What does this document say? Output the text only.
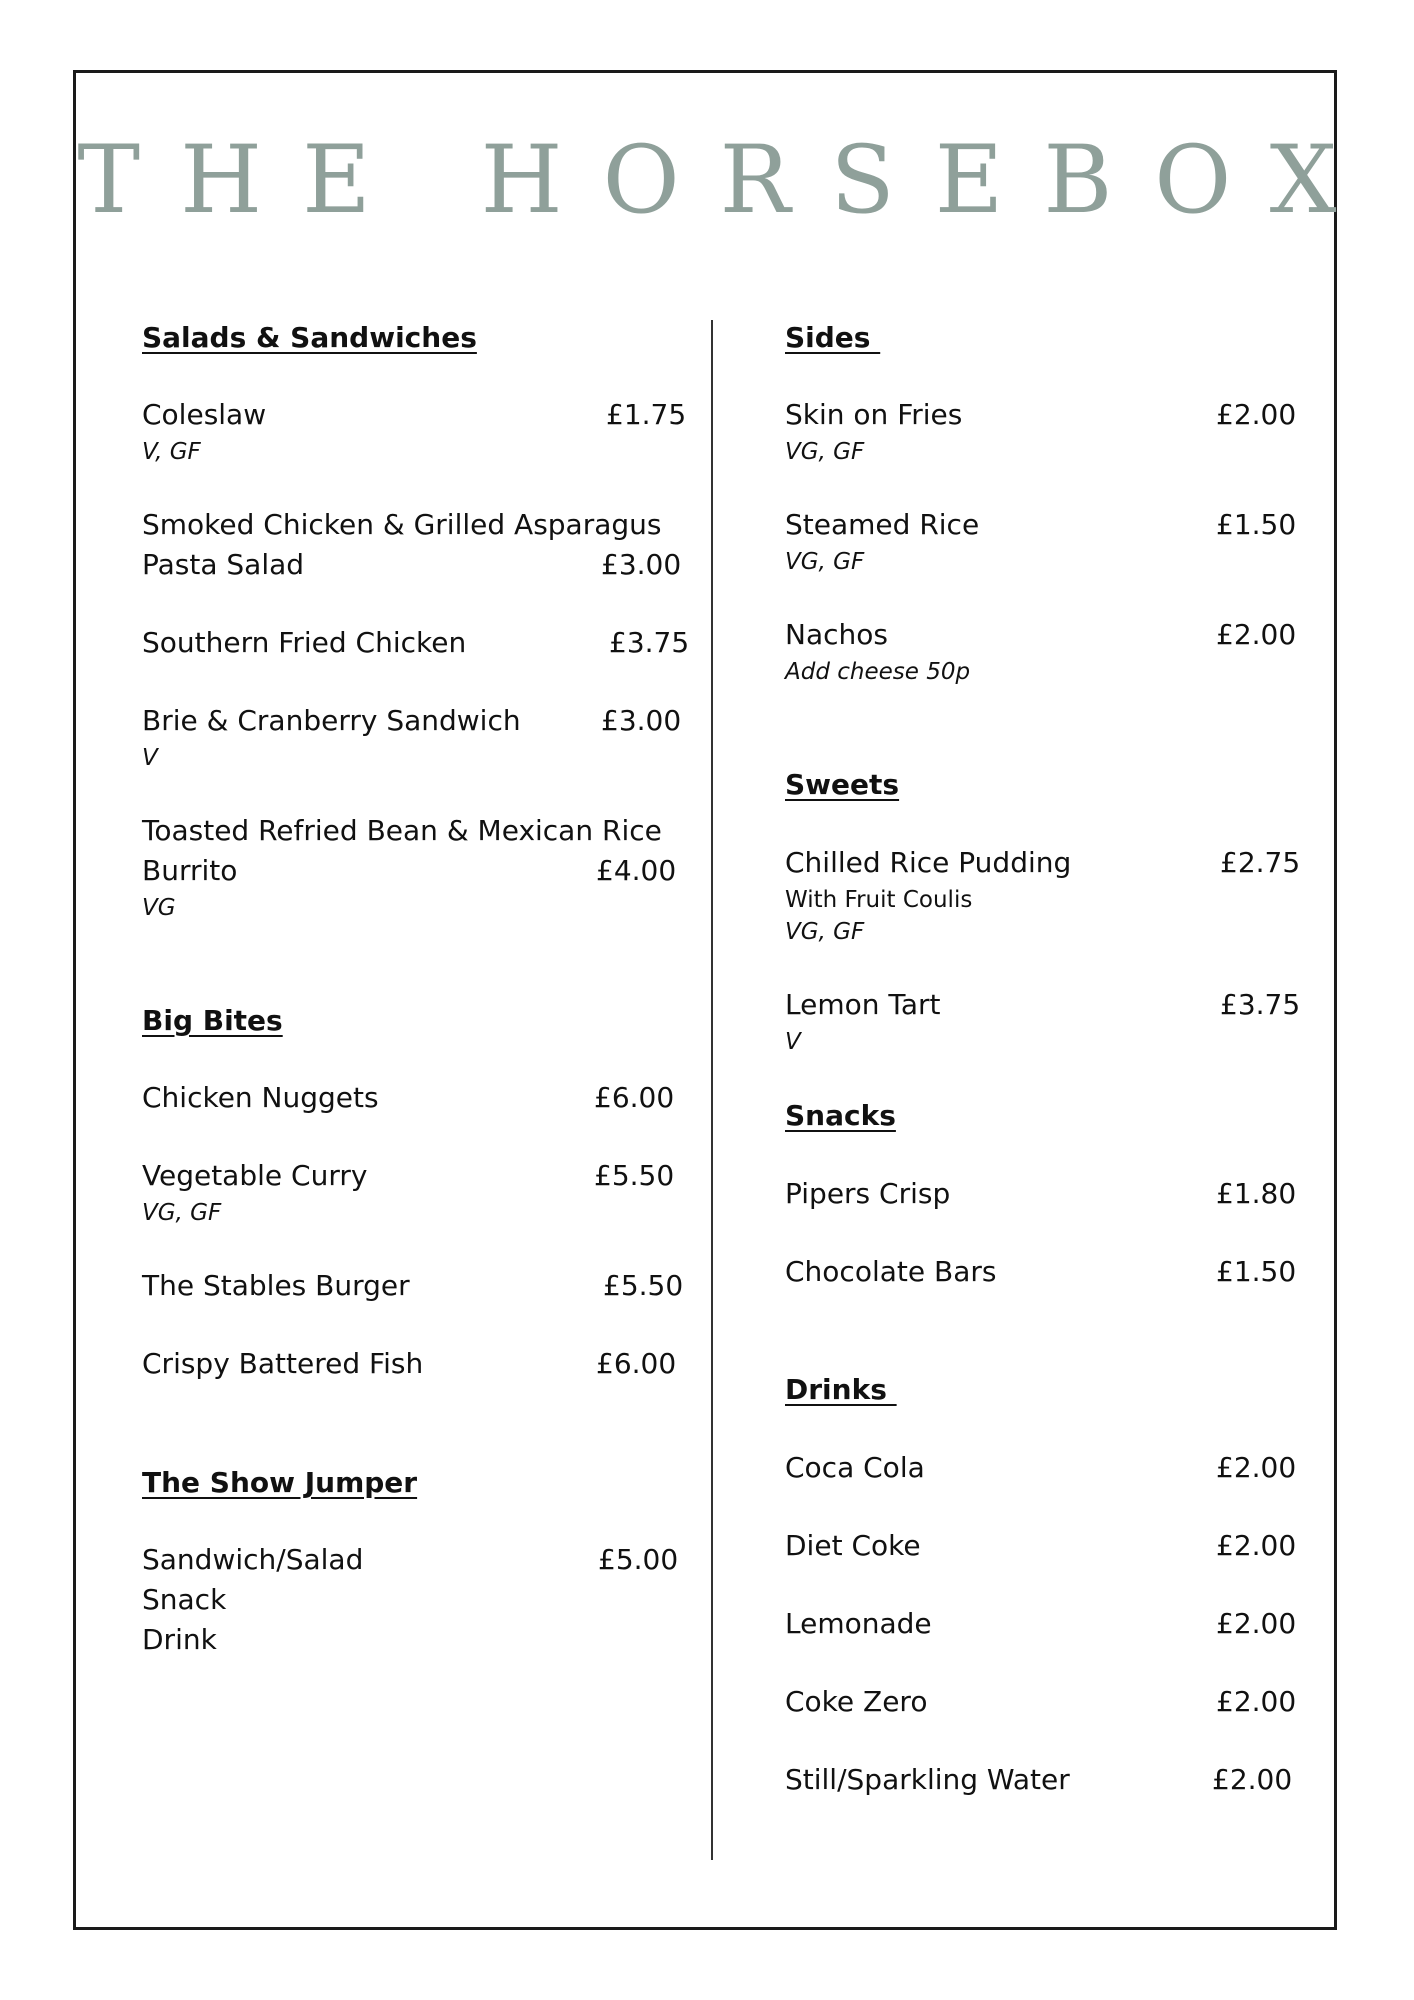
THE HORSEBOX
Salads & Sandwiches
Coleslaw	£1.75
V, GF
Smoked Chicken & Grilled Asparagus
Pasta Salad	£3.00
Southern Fried Chicken	£3.75
Brie & Cranberry Sandwich	£3.00
V
Toasted Refried Bean & Mexican Rice
Burrito	£4.00
VG
Big Bites
Chicken Nuggets	£6.00
Vegetable Curry	£5.50
VG, GF
The Stables Burger	£5.50
Crispy Battered Fish	£6.00
The Show Jumper
Sandwich/Salad	£5.00
Snack
Drink
Sides
Skin on Fries	£2.00
VG, GF
Steamed Rice	£1.50
VG, GF
Nachos	£2.00
Add cheese 50p
Sweets
Chilled Rice Pudding	£2.75
With Fruit Coulis
VG, GF
Lemon Tart	£3.75
V
Snacks
Pipers Crisp	£1.80
Chocolate Bars	£1.50
Drinks
Coca Cola	£2.00
Diet Coke	£2.00
Lemonade	£2.00
Coke Zero	£2.00
Still/Sparkling Water	£2.00
